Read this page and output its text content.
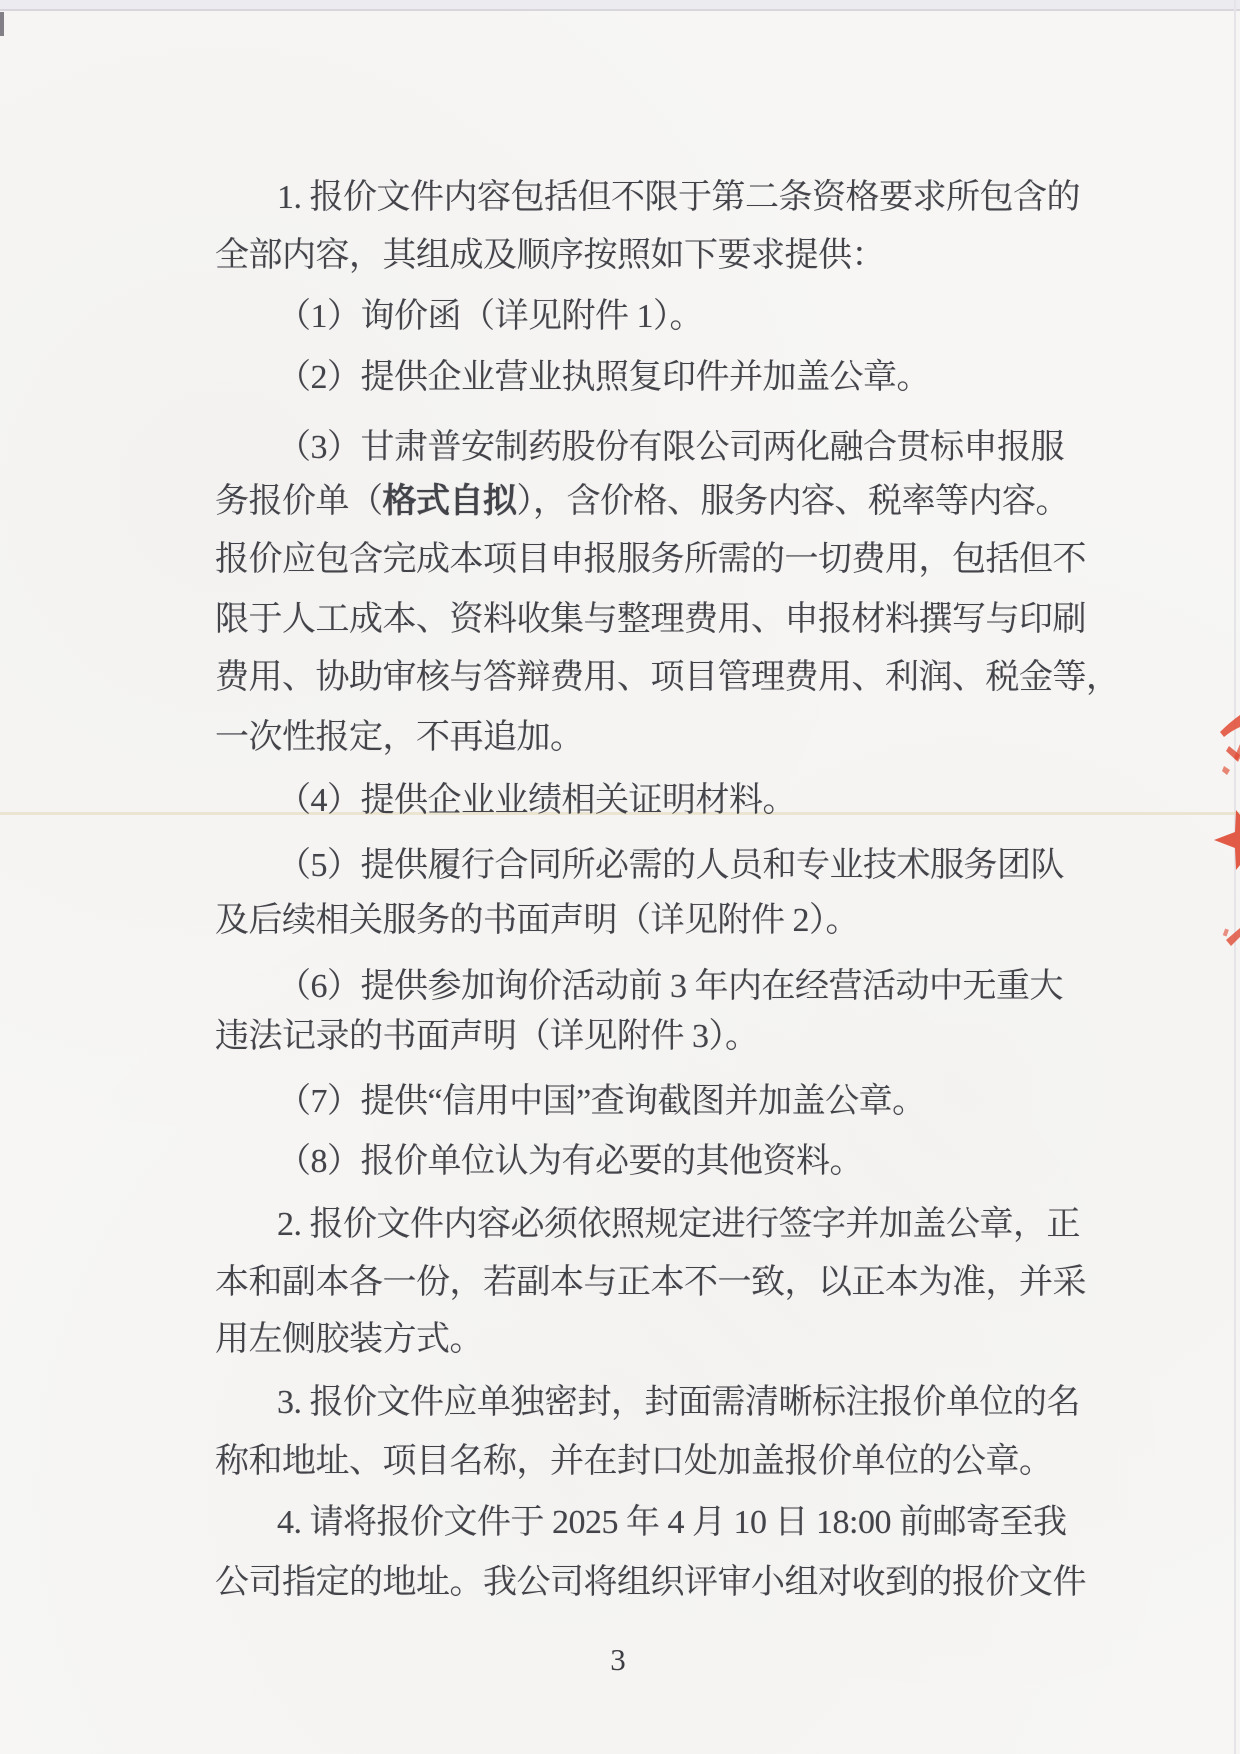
1. 报价文件内容包括但不限于第二条资格要求所包含的
全部内容，其组成及顺序按照如下要求提供：
（1）询价函（详见附件 1）。
（2）提供企业营业执照复印件并加盖公章。
（3）甘肃普安制药股份有限公司两化融合贯标申报服
务报价单（格式自拟），含价格、服务内容、税率等内容。
报价应包含完成本项目申报服务所需的一切费用，包括但不
限于人工成本、资料收集与整理费用、申报材料撰写与印刷
费用、协助审核与答辩费用、项目管理费用、利润、税金等，
一次性报定，不再追加。
（4）提供企业业绩相关证明材料。
（5）提供履行合同所必需的人员和专业技术服务团队
及后续相关服务的书面声明（详见附件 2）。
（6）提供参加询价活动前 3 年内在经营活动中无重大
违法记录的书面声明（详见附件 3）。
（7）提供“信用中国”查询截图并加盖公章。
（8）报价单位认为有必要的其他资料。
2. 报价文件内容必须依照规定进行签字并加盖公章，正
本和副本各一份，若副本与正本不一致，以正本为准，并采
用左侧胶装方式。
3. 报价文件应单独密封，封面需清晰标注报价单位的名
称和地址、项目名称，并在封口处加盖报价单位的公章。
4. 请将报价文件于 2025 年 4 月 10 日 18:00 前邮寄至我
公司指定的地址。我公司将组织评审小组对收到的报价文件
3
